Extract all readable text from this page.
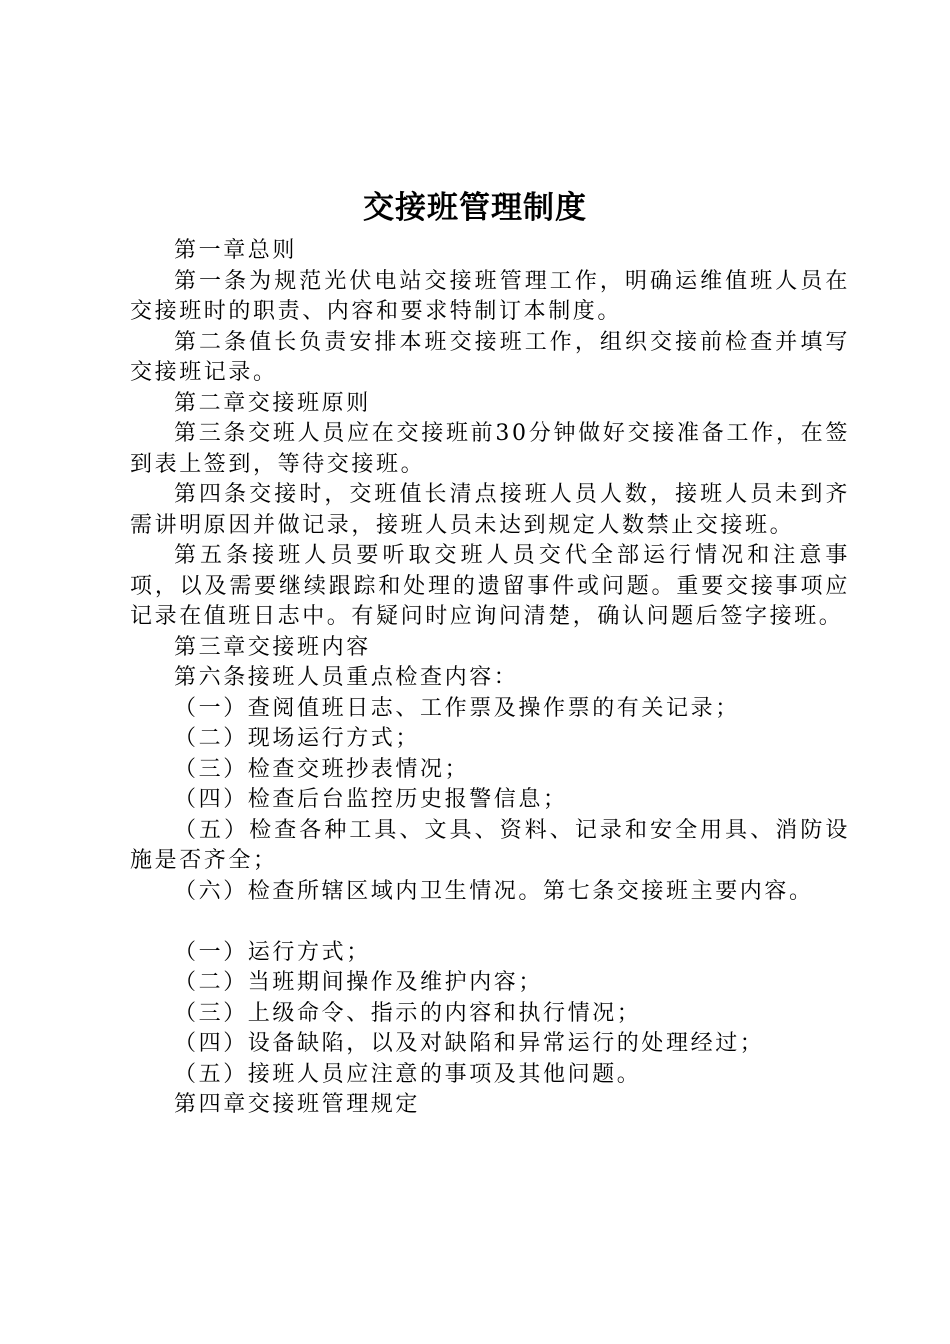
交接班管理制度

第一章总则

第一条为规范光伏电站交接班管理工作，明确运维值班人员在交接班时的职责、内容和要求特制订本制度。

第二条值长负责安排本班交接班工作，组织交接前检查并填写交接班记录。

第二章交接班原则

第三条交班人员应在交接班前30分钟做好交接准备工作，在签到表上签到，等待交接班。

第四条交接时，交班值长清点接班人员人数，接班人员未到齐需讲明原因并做记录，接班人员未达到规定人数禁止交接班。

第五条接班人员要听取交班人员交代全部运行情况和注意事项，以及需要继续跟踪和处理的遗留事件或问题。重要交接事项应记录在值班日志中。有疑问时应询问清楚，确认问题后签字接班。

第三章交接班内容

第六条接班人员重点检查内容：

（一）查阅值班日志、工作票及操作票的有关记录；

（二）现场运行方式；

（三）检查交班抄表情况；

（四）检查后台监控历史报警信息；

（五）检查各种工具、文具、资料、记录和安全用具、消防设施是否齐全；

（六）检查所辖区域内卫生情况。第七条交接班主要内容。

（一）运行方式；

（二）当班期间操作及维护内容；

（三）上级命令、指示的内容和执行情况；

（四）设备缺陷，以及对缺陷和异常运行的处理经过；

（五）接班人员应注意的事项及其他问题。

第四章交接班管理规定
